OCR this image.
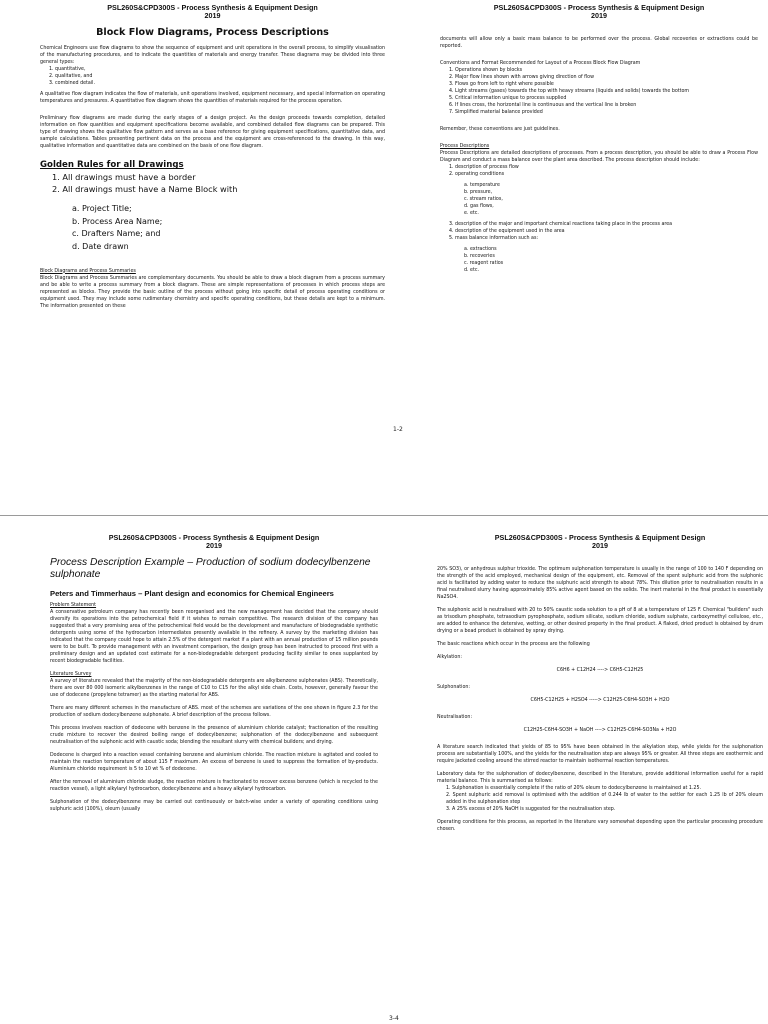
PSL260S&CPD300S - Process Synthesis & Equipment Design
2019
Block Flow Diagrams, Process Descriptions

Chemical Engineers use flow diagrams to show the sequence of equipment and unit operations in the overall process, to simplify visualisation of the manufacturing procedures, and to indicate the quantities of materials and energy transfer. These diagrams may be divided into three general types:

1. quantitative,
2. qualitative, and
3. combined detail.

A qualitative flow diagram indicates the flow of materials, unit operations involved, equipment necessary, and special information on operating temperatures and pressures. A quantitative flow diagram shows the quantities of materials required for the process operation.

Preliminary flow diagrams are made during the early stages of a design project. As the design proceeds towards completion, detailed information on flow quantities and equipment specifications become available, and combined detailed flow diagrams can be prepared. This type of drawing shows the qualitative flow pattern and serves as a base reference for giving equipment specifications, quantitative data, and sample calculations. Tables presenting pertinent data on the process and the equipment are cross-referenced to the drawing. In this way, qualitative information and quantitative data are combined on the basis of one flow diagram.

Golden Rules for all Drawings
1. All drawings must have a border
2. All drawings must have a Name Block with
a. Project Title;
b. Process Area Name;
c. Drafters Name; and
d. Date drawn
Block Diagrams and Process Summaries

Block Diagrams and Process Summaries are complementary documents. You should be able to draw a block diagram from a process summary and be able to write a process summary from a block diagram. These are simple representations of processes in which process steps are represented as blocks. They provide the basic outline of the process without going into specific detail of process operating conditions or equipment used. They may include some rudimentary chemistry and specific operating conditions, but these details are kept to a minimum. The information presented on these

PSL260S&CPD300S - Process Synthesis & Equipment Design
2019

documents will allow only a basic mass balance to be performed over the process. Global recoveries or extractions could be reported.

Conventions and Format Recommended for Layout of a Process Block Flow Diagram
1. Operations shown by blocks
2. Major flow lines shown with arrows giving direction of flow
3. Flows go from left to right where possible
4. Light streams (gases) towards the top with heavy streams (liquids and solids) towards the bottom
5. Critical information unique to process supplied
6. If lines cross, the horizontal line is continuous and the vertical line is broken
7. Simplified material balance provided

Remember, these conventions are just guidelines.

Process Descriptions

Process Descriptions are detailed descriptions of processes. From a process description, you should be able to draw a Process Flow Diagram and conduct a mass balance over the plant area described. The process description should include:

1. description of process flow
2. operating conditions
a. temperature
b. pressure,
c. stream ratios,
d. gas flows,
e. etc.
3. description of the major and important chemical reactions taking place in the process area
4. description of the equipment used in the area
5. mass balance information such as:
a. extractions
b. recoveries
c. reagent ratios
d. etc.
1-2
PSL260S&CPD300S - Process Synthesis & Equipment Design
2019
Process Description Example – Production of sodium dodecylbenzene sulphonate
Peters and Timmerhaus – Plant design and economics for Chemical Engineers
Problem Statement

A conservative petroleum company has recently been reorganised and the new management has decided that the company should diversify its operations into the petrochemical field if it wishes to remain competitive. The research division of the company has suggested that a very promising area of the petrochemical field would be the development and manufacture of biodegradable synthetic detergents using some of the hydrocarbon intermediates presently available in the refinery. A survey by the marketing division has indicated that the company could hope to attain 2.5% of the detergent market if a plant with an annual production of 15 million pounds were to be built. To provide management with an investment comparison, the design group has been instructed to proceed first with a preliminary design and an updated cost estimate for a non-biodegradable detergent producing facility similar to ones supplanted by recent biodegradable facilities.

Literature Survey

A survey of literature revealed that the majority of the non-biodegradable detergents are alkylbenzene sulphonates (ABS). Theoretically, there are over 80 000 isomeric alkylbenzenes in the range of C10 to C15 for the alkyl side chain. Costs, however, generally favour the use of dodecene (propylene tetramer) as the starting material for ABS.

There are many different schemes in the manufacture of ABS. most of the schemes are variations of the one shown in figure 2.3 for the production of sodium dodecylbenzene sulphonate. A brief description of the process follows.

This process involves reaction of dodecene with benzene in the presence of aluminium chloride catalyst; fractionation of the resulting crude mixture to recover the desired boiling range of dodecylbenzene; sulphonation of the dodecylbenzene and subsequent neutralisation of the sulphonic acid with caustic soda; blending the resultant slurry with chemical builders; and drying.

Dodecene is charged into a reaction vessel containing benzene and aluminium chloride. The reaction mixture is agitated and cooled to maintain the reaction temperature of about 115 F maximum. An excess of benzene is used to suppress the formation of by-products. Aluminium chloride requirement is 5 to 10 wt % of dodecene.

After the removal of aluminium chloride sludge, the reaction mixture is fractionated to recover excess benzene (which is recycled to the reaction vessel), a light alkylaryl hydrocarbon, dodecylbenzene and a heavy alkylaryl hydrocarbon.

Sulphonation of the dodecylbenzene may be carried out continuously or batch-wise under a variety of operating conditions using sulphuric acid (100%), oleum (usually

PSL260S&CPD300S - Process Synthesis & Equipment Design
2019

20% SO3), or anhydrous sulphur trioxide. The optimum sulphonation temperature is usually in the range of 100 to 140 F depending on the strength of the acid employed, mechanical design of the equipment, etc. Removal of the spent sulphuric acid from the sulphonic acid is facilitated by adding water to reduce the sulphuric acid strength to about 78%. This dilution prior to neutralisation results in a final neutralised slurry having approximately 85% active agent based on the solids. The inert material in the final product is essentially Na2SO4.

The sulphonic acid is neutralised with 20 to 50% caustic soda solution to a pH of 8 at a temperature of 125 F. Chemical "builders" such as trisodium phosphate, tetrasodium pyrophosphate, sodium silicate, sodium chloride, sodium sulphate, carboxymethyl cellulose, etc., are added to enhance the detersive, wetting, or other desired property in the final product. A flaked, dried product is obtained by drum drying or a bead product is obtained by spray drying.

The basic reactions which occur in the process are the following

Alkylation:
C6H6 + C12H24 ----> C6H5-C12H25
Sulphonation:
C6H5-C12H25 + H2SO4 -----> C12H25-C6H4-SO3H + H2O
Neutralisation:
C12H25-C6H4-SO3H + NaOH ----> C12H25-C6H4-SO3Na + H2O

A literature search indicated that yields of 85 to 95% have been obtained in the alkylation step, while yields for the sulphonation process are substantially 100%, and the yields for the neutralisation step are always 95% or greater. All three steps are exothermic and require jacketed cooling around the stirred reactor to maintain isothermal reaction temperatures.

Laboratory data for the sulphonation of dodecylbenzene, described in the literature, provide additional information useful for a rapid material balance. This is summarised as follows:

1. Sulphonation is essentially complete if the ratio of 20% oleum to dodecylbenzene is maintained at 1.25.
2. Spent sulphuric acid removal is optimised with the addition of 0.244 lb of water to the settler for each 1.25 lb of 20% oleum added in the sulphonation step
3. A 25% excess of 20% NaOH is suggested for the neutralisation step.

Operating conditions for this process, as reported in the literature vary somewhat depending upon the particular processing procedure chosen.

3-4
